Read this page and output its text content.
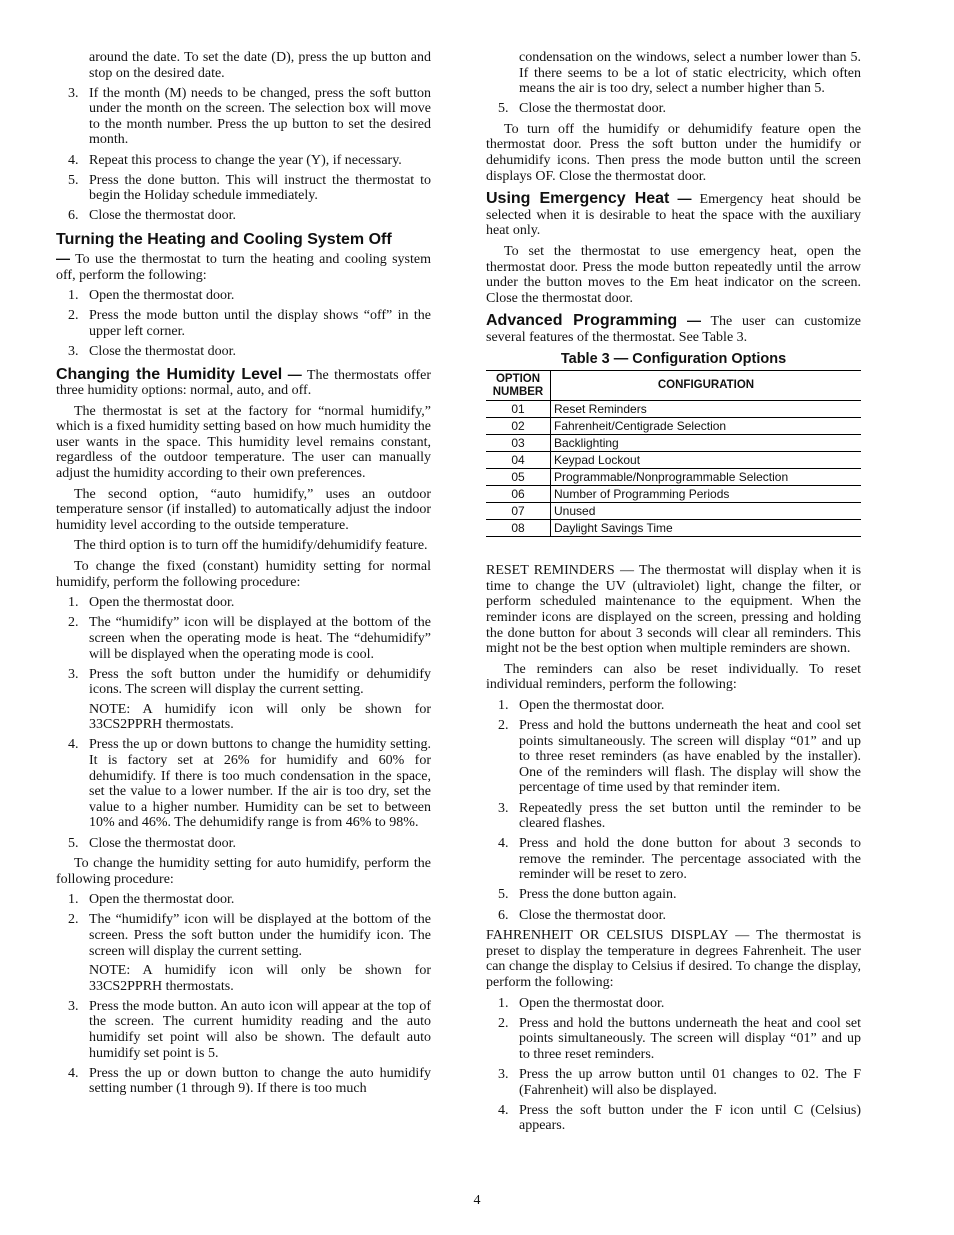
around the date. To set the date (D), press the up button and stop on the desired date.
3. If the month (M) needs to be changed, press the soft button under the month on the screen. The selection box will move to the month number. Press the up button to set the desired month.
4. Repeat this process to change the year (Y), if necessary.
5. Press the done button. This will instruct the thermostat to begin the Holiday schedule immediately.
6. Close the thermostat door.
Turning the Heating and Cooling System Off

— To use the thermostat to turn the heating and cooling system off, perform the following:

1. Open the thermostat door.
2. Press the mode button until the display shows “off” in the upper left corner.
3. Close the thermostat door.

Changing the Humidity Level — The thermostats offer three humidity options: normal, auto, and off.

The thermostat is set at the factory for “normal humidify,” which is a fixed humidity setting based on how much humidity the user wants in the space. This humidity level remains constant, regardless of the outdoor temperature. The user can manually adjust the humidity according to their own preferences.

The second option, “auto humidify,” uses an outdoor temperature sensor (if installed) to automatically adjust the indoor humidity level according to the outside temperature.

The third option is to turn off the humidify/dehumidify feature.

To change the fixed (constant) humidity setting for normal humidify, perform the following procedure:

1. Open the thermostat door.
2. The “humidify” icon will be displayed at the bottom of the screen when the operating mode is heat. The “dehumidify” will be displayed when the operating mode is cool.
3. Press the soft button under the humidify or dehumidify icons. The screen will display the current setting.
NOTE: A humidify icon will only be shown for 33CS2PPRH thermostats.
4. Press the up or down buttons to change the humidity setting. It is factory set at 26% for humidify and 60% for dehumidify. If there is too much condensation in the space, set the value to a lower number. If the air is too dry, set the value to a higher number. Humidity can be set to between 10% and 46%. The dehumidify range is from 46% to 98%.
5. Close the thermostat door.

To change the humidity setting for auto humidify, perform the following procedure:

1. Open the thermostat door.
2. The “humidify” icon will be displayed at the bottom of the screen. Press the soft button under the humidify icon. The screen will display the current setting.
NOTE: A humidify icon will only be shown for 33CS2PPRH thermostats.
3. Press the mode button. An auto icon will appear at the top of the screen. The current humidity reading and the auto humidify set point will also be shown. The default auto humidify set point is 5.
4. Press the up or down button to change the auto humidify setting number (1 through 9). If there is too much
condensation on the windows, select a number lower than 5. If there seems to be a lot of static electricity, which often means the air is too dry, select a number higher than 5.
5. Close the thermostat door.

To turn off the humidify or dehumidify feature open the thermostat door. Press the soft button under the humidify or dehumidify icons. Then press the mode button until the screen displays OF. Close the thermostat door.

Using Emergency Heat — Emergency heat should be selected when it is desirable to heat the space with the auxiliary heat only.

To set the thermostat to use emergency heat, open the thermostat door. Press the mode button repeatedly until the arrow under the button moves to the Em heat indicator on the screen. Close the thermostat door.

Advanced Programming — The user can customize several features of the thermostat. See Table 3.

Table 3 — Configuration Options
OPTION NUMBER	CONFIGURATION
01	Reset Reminders
02	Fahrenheit/Centigrade Selection
03	Backlighting
04	Keypad Lockout
05	Programmable/Nonprogrammable Selection
06	Number of Programming Periods
07	Unused
08	Daylight Savings Time

RESET REMINDERS — The thermostat will display when it is time to change the UV (ultraviolet) light, change the filter, or perform scheduled maintenance to the equipment. When the reminder icons are displayed on the screen, pressing and holding the done button for about 3 seconds will clear all reminders. This might not be the best option when multiple reminders are shown.

The reminders can also be reset individually. To reset individual reminders, perform the following:

1. Open the thermostat door.
2. Press and hold the buttons underneath the heat and cool set points simultaneously. The screen will display “01” and up to three reset reminders (as have enabled by the installer). One of the reminders will flash. The display will show the percentage of time used by that reminder item.
3. Repeatedly press the set button until the reminder to be cleared flashes.
4. Press and hold the done button for about 3 seconds to remove the reminder. The percentage associated with the reminder will be reset to zero.
5. Press the done button again.
6. Close the thermostat door.

FAHRENHEIT OR CELSIUS DISPLAY — The thermostat is preset to display the temperature in degrees Fahrenheit. The user can change the display to Celsius if desired. To change the display, perform the following:

1. Open the thermostat door.
2. Press and hold the buttons underneath the heat and cool set points simultaneously. The screen will display “01” and up to three reset reminders.
3. Press the up arrow button until 01 changes to 02. The F (Fahrenheit) will also be displayed.
4. Press the soft button under the F icon until C (Celsius) appears.
4
